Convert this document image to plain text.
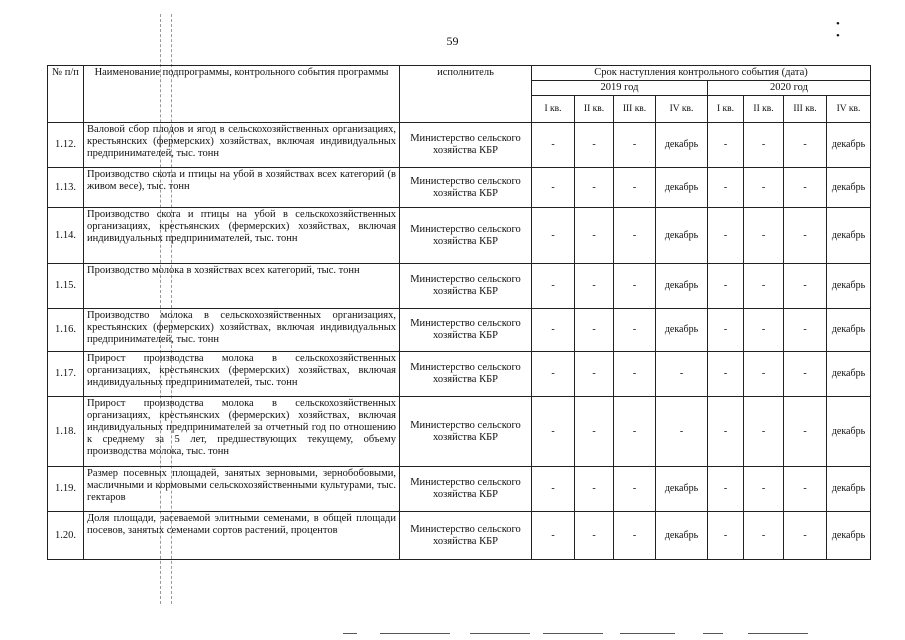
• •
59
№ п/п	Наименование подпрограммы, контрольного события программы	исполнитель	Срок наступления контрольного события (дата)							
			2019 год				2020 год			
			I кв.	II кв.	III кв.	IV кв.	I кв.	II кв.	III кв.	IV кв.
1.12.	Валовой сбор плодов и ягод в сельскохозяйственных организациях, крестьянских (фермерских) хозяйствах, включая индивидуальных предпринимателей, тыс. тонн	Министерство сельского хозяйства КБР	-	-	-	декабрь	-	-	-	декабрь
1.13.	Производство скота и птицы на убой в хозяйствах всех категорий (в живом весе), тыс. тонн	Министерство сельского хозяйства КБР	-	-	-	декабрь	-	-	-	декабрь
1.14.	Производство скота и птицы на убой в сельскохозяйственных организациях, крестьянских (фермерских) хозяйствах, включая индивидуальных предпринимателей, тыс. тонн	Министерство сельского хозяйства КБР	-	-	-	декабрь	-	-	-	декабрь
1.15.	Производство молока в хозяйствах всех категорий, тыс. тонн	Министерство сельского хозяйства КБР	-	-	-	декабрь	-	-	-	декабрь
1.16.	Производство молока в сельскохозяйственных организациях, крестьянских (фермерских) хозяйствах, включая индивидуальных предпринимателей, тыс. тонн	Министерство сельского хозяйства КБР	-	-	-	декабрь	-	-	-	декабрь
1.17.	Прирост производства молока в сельскохозяйственных организациях, крестьянских (фермерских) хозяйствах, включая индивидуальных предпринимателей, тыс. тонн	Министерство сельского хозяйства КБР	-	-	-	-	-	-	-	декабрь
1.18.	Прирост производства молока в сельскохозяйственных организациях, крестьянских (фермерских) хозяйствах, включая индивидуальных предпринимателей за отчетный год по отношению к среднему за 5 лет, предшествующих текущему, объему производства молока, тыс. тонн	Министерство сельского хозяйства КБР	-	-	-	-	-	-	-	декабрь
1.19.	Размер посевных площадей, занятых зерновыми, зернобобовыми, масличными и кормовыми сельскохозяйственными культурами, тыс. гектаров	Министерство сельского хозяйства КБР	-	-	-	декабрь	-	-	-	декабрь
1.20.	Доля площади, засеваемой элитными семенами, в общей площади посевов, занятых семенами сортов растений, процентов	Министерство сельского хозяйства КБР	-	-	-	декабрь	-	-	-	декабрь
